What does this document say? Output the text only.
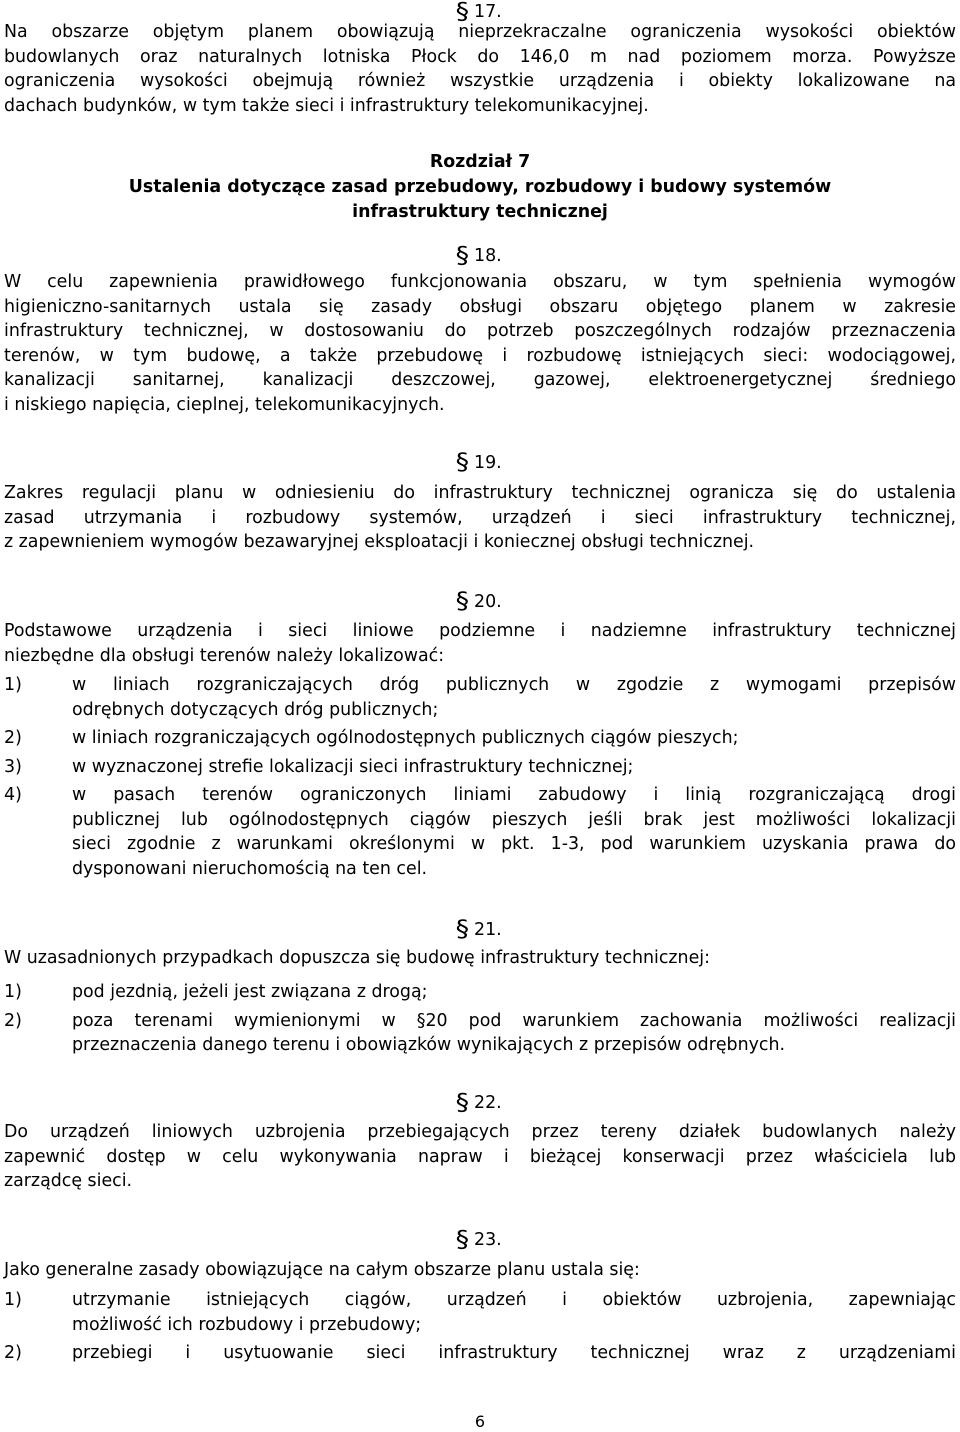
§ 17.
Na obszarze objętym planem obowiązują nieprzekraczalne ograniczenia wysokości obiektów
budowlanych oraz naturalnych lotniska Płock do 146,0 m nad poziomem morza. Powyższe
ograniczenia wysokości obejmują również wszystkie urządzenia i obiekty lokalizowane na
dachach budynków, w tym także sieci i infrastruktury telekomunikacyjnej.
Rozdział 7
Ustalenia dotyczące zasad przebudowy, rozbudowy i budowy systemów
infrastruktury technicznej
§ 18.
W celu zapewnienia prawidłowego funkcjonowania obszaru, w tym spełnienia wymogów
higieniczno-sanitarnych ustala się zasady obsługi obszaru objętego planem w zakresie
infrastruktury technicznej, w dostosowaniu do potrzeb poszczególnych rodzajów przeznaczenia
terenów, w tym budowę, a także przebudowę i rozbudowę istniejących sieci: wodociągowej,
kanalizacji sanitarnej, kanalizacji deszczowej, gazowej, elektroenergetycznej średniego
i niskiego napięcia, cieplnej, telekomunikacyjnych.
§ 19.
Zakres regulacji planu w odniesieniu do infrastruktury technicznej ogranicza się do ustalenia
zasad utrzymania i rozbudowy systemów, urządzeń i sieci infrastruktury technicznej,
z zapewnieniem wymogów bezawaryjnej eksploatacji i koniecznej obsługi technicznej.
§ 20.
Podstawowe urządzenia i sieci liniowe podziemne i nadziemne infrastruktury technicznej
niezbędne dla obsługi terenów należy lokalizować:
1)	w liniach rozgraniczających dróg publicznych w zgodzie z wymogami przepisów
odrębnych dotyczących dróg publicznych;
2)	w liniach rozgraniczających ogólnodostępnych publicznych ciągów pieszych;
3)	w wyznaczonej strefie lokalizacji sieci infrastruktury technicznej;
4)	w pasach terenów ograniczonych liniami zabudowy i linią rozgraniczającą drogi
publicznej lub ogólnodostępnych ciągów pieszych jeśli brak jest możliwości lokalizacji
sieci zgodnie z warunkami określonymi w pkt. 1-3, pod warunkiem uzyskania prawa do
dysponowani nieruchomością na ten cel.
§ 21.
W uzasadnionych przypadkach dopuszcza się budowę infrastruktury technicznej:
1)	pod jezdnią, jeżeli jest związana z drogą;
2)	poza terenami wymienionymi w §20 pod warunkiem zachowania możliwości realizacji
przeznaczenia danego terenu i obowiązków wynikających z przepisów odrębnych.
§ 22.
Do urządzeń liniowych uzbrojenia przebiegających przez tereny działek budowlanych należy
zapewnić dostęp w celu wykonywania napraw i bieżącej konserwacji przez właściciela lub
zarządcę sieci.
§ 23.
Jako generalne zasady obowiązujące na całym obszarze planu ustala się:
1)	utrzymanie istniejących ciągów, urządzeń i obiektów uzbrojenia, zapewniając
możliwość ich rozbudowy i przebudowy;
2)	przebiegi i usytuowanie sieci infrastruktury technicznej wraz z urządzeniami
6
